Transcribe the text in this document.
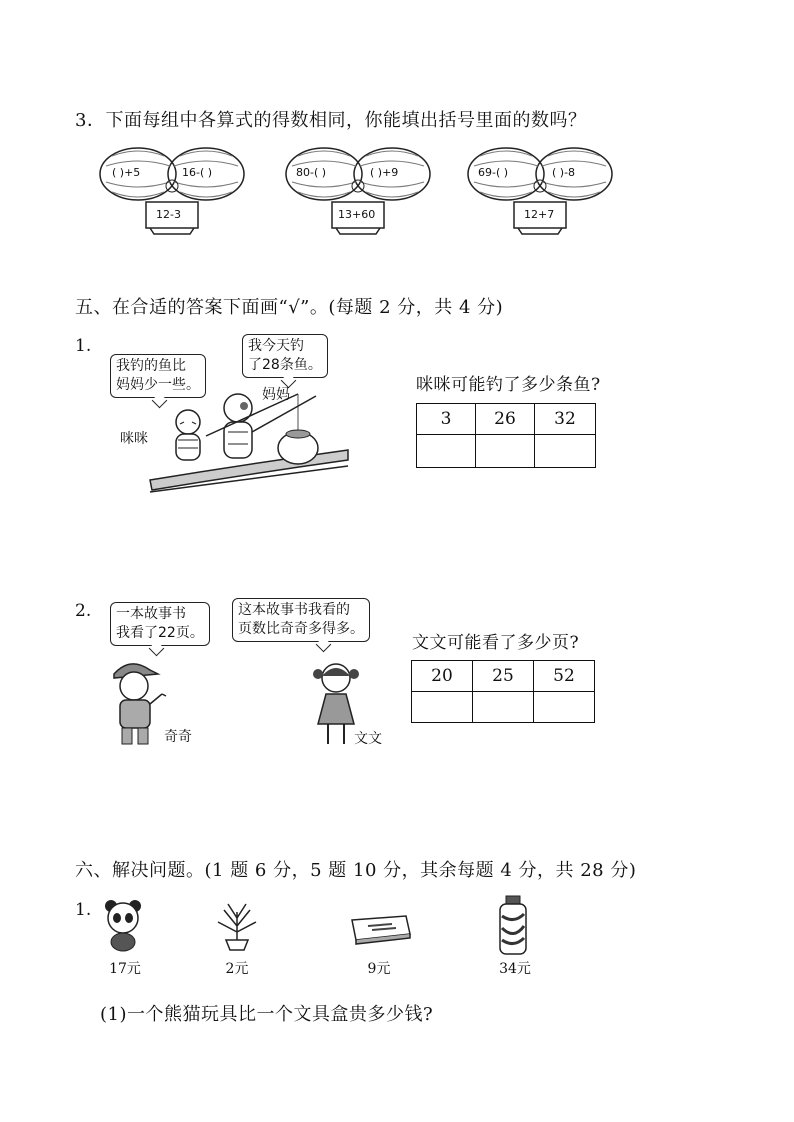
3．下面每组中各算式的得数相同，你能填出括号里面的数吗？
( )+5	16-( )
12-3
80-( )	( )+9
13+60
69-( )	( )-8
12+7
五、在合适的答案下面画“√”。(每题 2 分，共 4 分)
1.
我钓的鱼比
妈妈少一些。
我今天钓
了28条鱼。
妈妈
咪咪
咪咪可能钓了多少条鱼?
3	26	32

2. 一本故事书
我看了22页。
这本故事书我看的
页数比奇奇多得多。
奇奇	文文
文文可能看了多少页?
20	25	52

六、解决问题。(1 题 6 分，5 题 10 分，其余每题 4 分，共 28 分)
1.
17元	2元	9元	34元
(1)一个熊猫玩具比一个文具盒贵多少钱?
